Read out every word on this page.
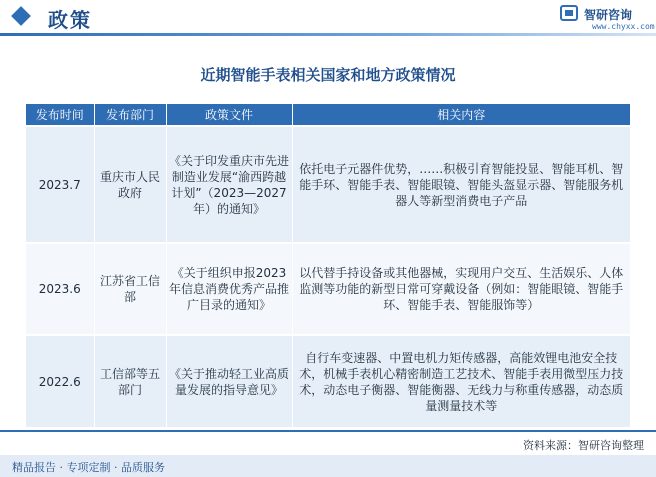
政策	智研咨询
www.chyxx.com
近期智能手表相关国家和地方政策情况
发布时间	发布部门	政策文件	相关内容
2023.7	重庆市人民政府	《关于印发重庆市先进制造业发展“渝西跨越计划”（2023—2027年）的通知》	依托电子元器件优势，……积极引育智能投显、智能耳机、智能手环、智能手表、智能眼镜、智能头盔显示器、智能服务机器人等新型消费电子产品
2023.6	江苏省工信部	《关于组织申报2023年信息消费优秀产品推广目录的通知》	以代替手持设备或其他器械，实现用户交互、生活娱乐、人体监测等功能的新型日常可穿戴设备（例如：智能眼镜、智能手环、智能手表、智能服饰等）
2022.6	工信部等五部门	《关于推动轻工业高质量发展的指导意见》	自行车变速器、中置电机力矩传感器，高能效锂电池安全技术，机械手表机心精密制造工艺技术、智能手表用微型压力技术，动态电子衡器、智能衡器、无线力与称重传感器，动态质量测量技术等
资料来源：智研咨询整理
精品报告 · 专项定制 · 品质服务
